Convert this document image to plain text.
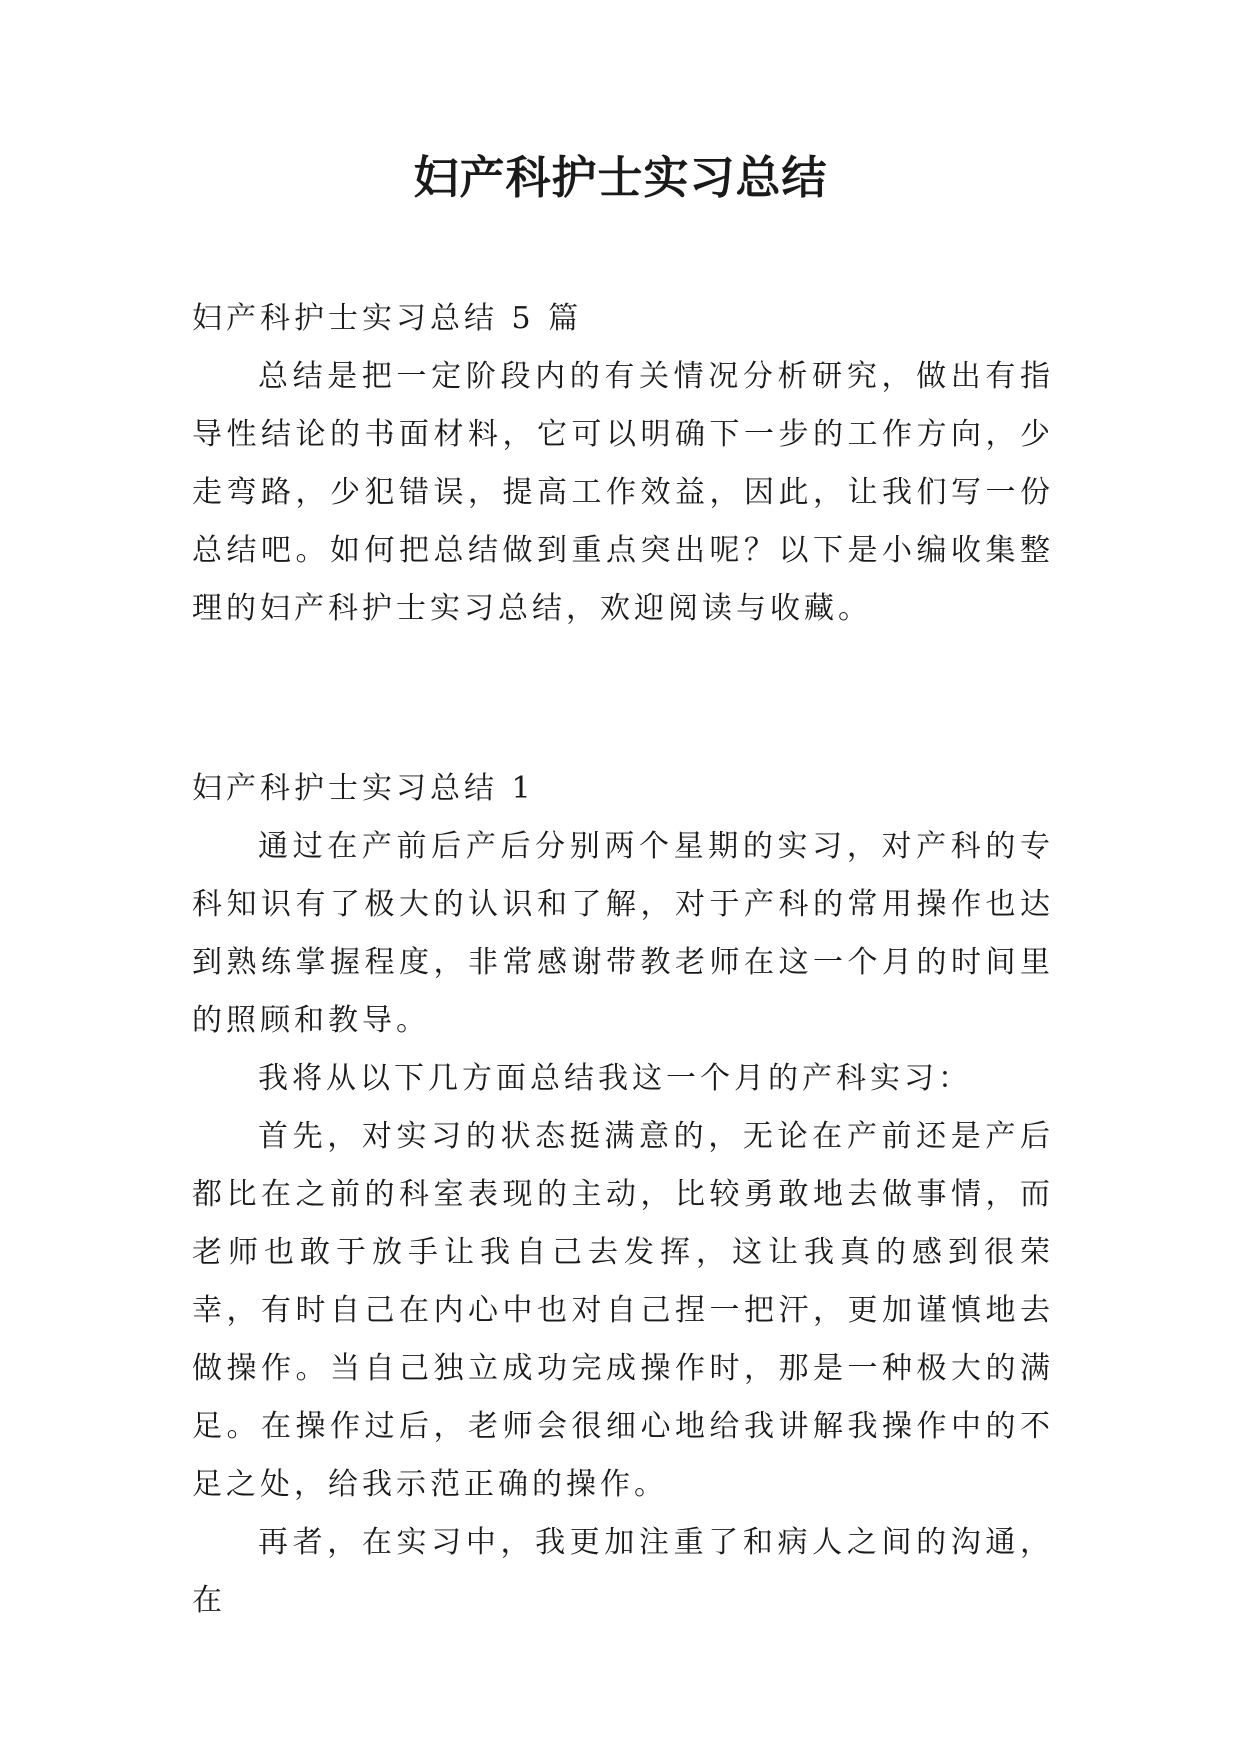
妇产科护士实习总结

妇产科护士实习总结 5 篇

总结是把一定阶段内的有关情况分析研究，做出有指导性结论的书面材料，它可以明确下一步的工作方向，少走弯路，少犯错误，提高工作效益，因此，让我们写一份总结吧。如何把总结做到重点突出呢？以下是小编收集整理的妇产科护士实习总结，欢迎阅读与收藏。

妇产科护士实习总结 1

通过在产前后产后分别两个星期的实习，对产科的专科知识有了极大的认识和了解，对于产科的常用操作也达到熟练掌握程度，非常感谢带教老师在这一个月的时间里的照顾和教导。

我将从以下几方面总结我这一个月的产科实习：

首先，对实习的状态挺满意的，无论在产前还是产后都比在之前的科室表现的主动，比较勇敢地去做事情，而老师也敢于放手让我自己去发挥，这让我真的感到很荣幸，有时自己在内心中也对自己捏一把汗，更加谨慎地去做操作。当自己独立成功完成操作时，那是一种极大的满足。在操作过后，老师会很细心地给我讲解我操作中的不足之处，给我示范正确的操作。

再者，在实习中，我更加注重了和病人之间的沟通，在
